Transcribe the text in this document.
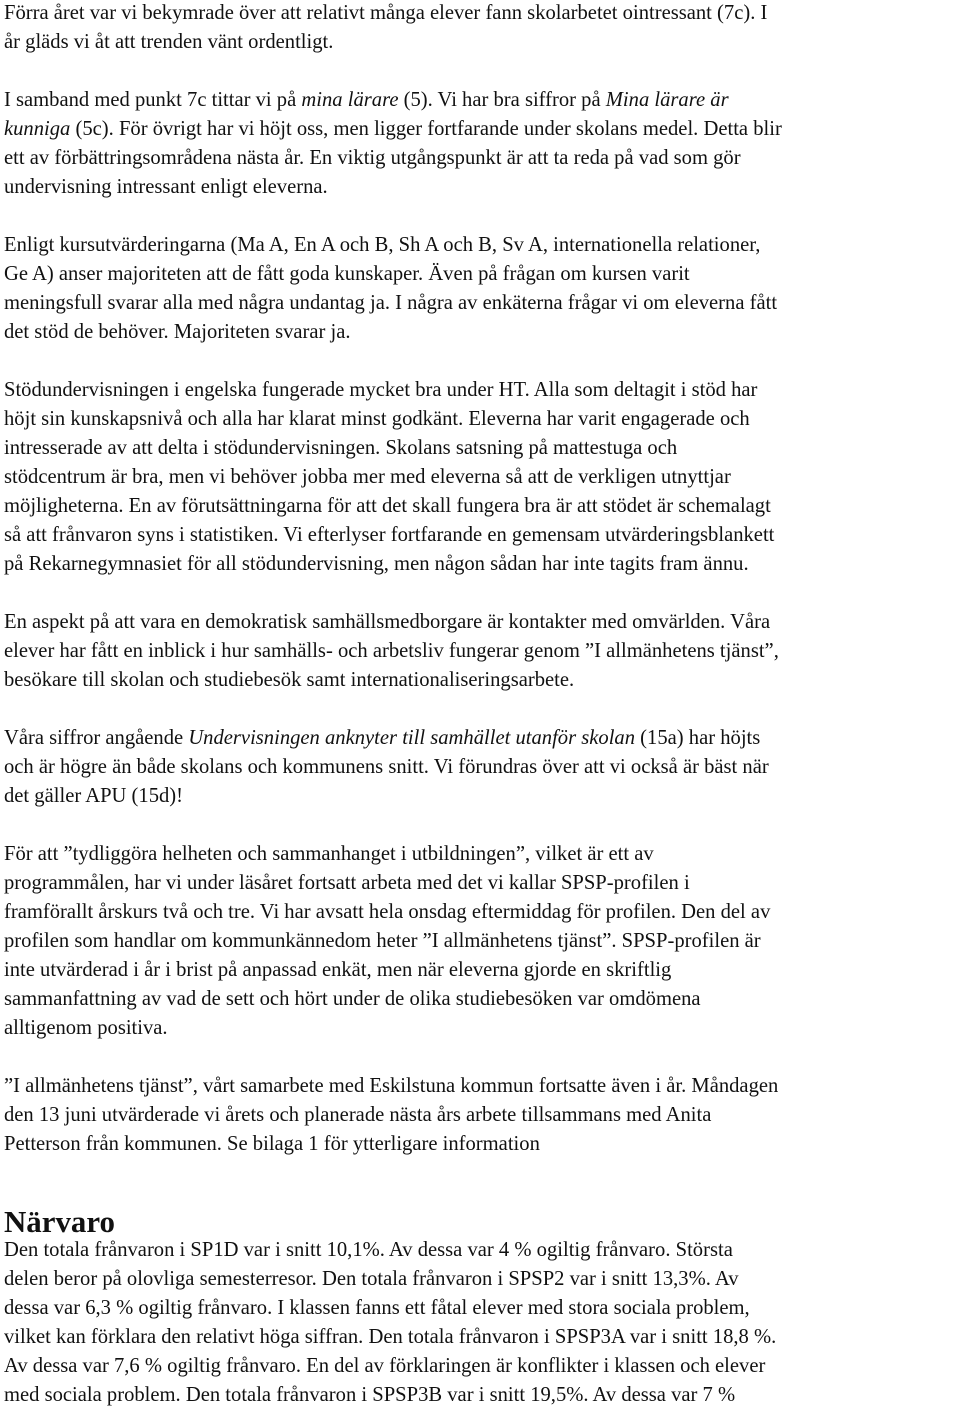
Förra året var vi bekymrade över att relativt många elever fann skolarbetet ointressant (7c). I
år gläds vi åt att trenden vänt ordentligt.

I samband med punkt 7c tittar vi på mina lärare (5). Vi har bra siffror på Mina lärare är
kunniga (5c). För övrigt har vi höjt oss, men ligger fortfarande under skolans medel. Detta blir
ett av förbättringsområdena nästa år. En viktig utgångspunkt är att ta reda på vad som gör
undervisning intressant enligt eleverna.

Enligt kursutvärderingarna (Ma A, En A och B, Sh A och B, Sv A, internationella relationer,
Ge A) anser majoriteten att de fått goda kunskaper. Även på frågan om kursen varit
meningsfull svarar alla med några undantag ja. I några av enkäterna frågar vi om eleverna fått
det stöd de behöver. Majoriteten svarar ja.

Stödundervisningen i engelska fungerade mycket bra under HT. Alla som deltagit i stöd har
höjt sin kunskapsnivå och alla har klarat minst godkänt. Eleverna har varit engagerade och
intresserade av att delta i stödundervisningen. Skolans satsning på mattestuga och
stödcentrum är bra, men vi behöver jobba mer med eleverna så att de verkligen utnyttjar
möjligheterna. En av förutsättningarna för att det skall fungera bra är att stödet är schemalagt
så att frånvaron syns i statistiken. Vi efterlyser fortfarande en gemensam utvärderingsblankett
på Rekarnegymnasiet för all stödundervisning, men någon sådan har inte tagits fram ännu.

En aspekt på att vara en demokratisk samhällsmedborgare är kontakter med omvärlden. Våra
elever har fått en inblick i hur samhälls- och arbetsliv fungerar genom ”I allmänhetens tjänst”,
besökare till skolan och studiebesök samt internationaliseringsarbete.

Våra siffror angående Undervisningen anknyter till samhället utanför skolan (15a) har höjts
och är högre än både skolans och kommunens snitt. Vi förundras över att vi också är bäst när
det gäller APU (15d)!

För att ”tydliggöra helheten och sammanhanget i utbildningen”, vilket är ett av
programmålen, har vi under läsåret fortsatt arbeta med det vi kallar SPSP-profilen i
framförallt årskurs två och tre. Vi har avsatt hela onsdag eftermiddag för profilen. Den del av
profilen som handlar om kommunkännedom heter ”I allmänhetens tjänst”. SPSP-profilen är
inte utvärderad i år i brist på anpassad enkät, men när eleverna gjorde en skriftlig
sammanfattning av vad de sett och hört under de olika studiebesöken var omdömena
alltigenom positiva.

”I allmänhetens tjänst”, vårt samarbete med Eskilstuna kommun fortsatte även i år. Måndagen
den 13 juni utvärderade vi årets och planerade nästa års arbete tillsammans med Anita
Petterson från kommunen. Se bilaga 1 för ytterligare information

Närvaro
Den totala frånvaron i SP1D var i snitt 10,1%. Av dessa var 4 % ogiltig frånvaro. Största
delen beror på olovliga semesterresor. Den totala frånvaron i SPSP2 var i snitt 13,3%. Av
dessa var 6,3 % ogiltig frånvaro. I klassen fanns ett fåtal elever med stora sociala problem,
vilket kan förklara den relativt höga siffran. Den totala frånvaron i SPSP3A var i snitt 18,8 %.
Av dessa var 7,6 % ogiltig frånvaro. En del av förklaringen är konflikter i klassen och elever
med sociala problem. Den totala frånvaron i SPSP3B var i snitt 19,5%. Av dessa var 7 %
